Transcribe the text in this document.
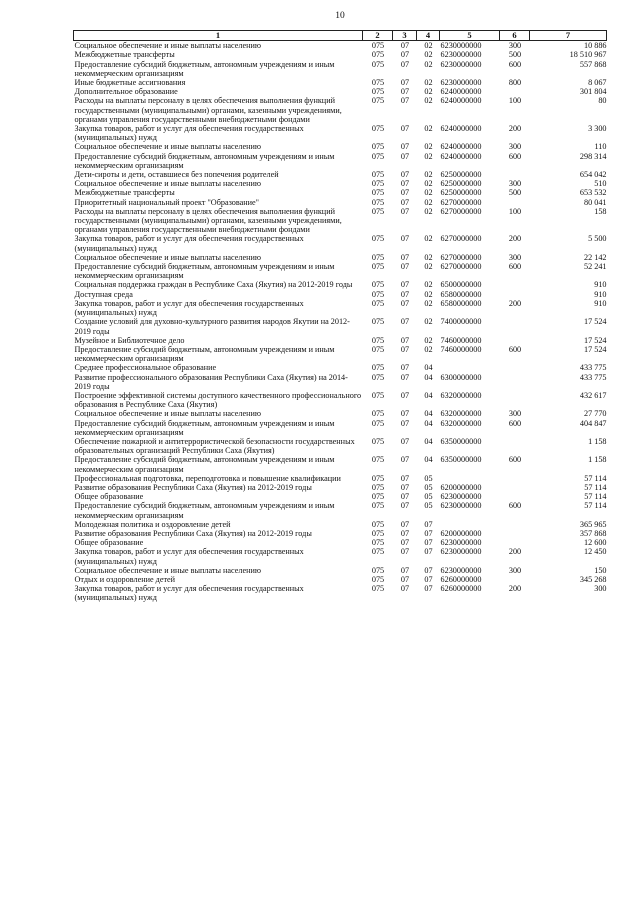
10
1	2	3	4	5	6	7
Социальное обеспечение и иные выплаты населению	075	07	02	6230000000	300	10 886
Межбюджетные трансферты	075	07	02	6230000000	500	18 510 967
Предоставление субсидий бюджетным, автономным учреждениям и иным некоммерческим организациям	075	07	02	6230000000	600	557 868
Иные бюджетные ассигнования	075	07	02	6230000000	800	8 067
Дополнительное образование	075	07	02	6240000000		301 804
Расходы на выплаты персоналу в целях обеспечения выполнения функций государственными (муниципальными) органами, казенными учреждениями, органами управления государственными внебюджетными фондами	075	07	02	6240000000	100	80
Закупка товаров, работ и услуг для обеспечения государственных (муниципальных) нужд	075	07	02	6240000000	200	3 300
Социальное обеспечение и иные выплаты населению	075	07	02	6240000000	300	110
Предоставление субсидий бюджетным, автономным учреждениям и иным некоммерческим организациям	075	07	02	6240000000	600	298 314
Дети-сироты и дети, оставшиеся без попечения родителей	075	07	02	6250000000		654 042
Социальное обеспечение и иные выплаты населению	075	07	02	6250000000	300	510
Межбюджетные трансферты	075	07	02	6250000000	500	653 532
Приоритетный национальный проект "Образование"	075	07	02	6270000000		80 041
Расходы на выплаты персоналу в целях обеспечения выполнения функций государственными (муниципальными) органами, казенными учреждениями, органами управления государственными внебюджетными фондами	075	07	02	6270000000	100	158
Закупка товаров, работ и услуг для обеспечения государственных (муниципальных) нужд	075	07	02	6270000000	200	5 500
Социальное обеспечение и иные выплаты населению	075	07	02	6270000000	300	22 142
Предоставление субсидий бюджетным, автономным учреждениям и иным некоммерческим организациям	075	07	02	6270000000	600	52 241
Социальная поддержка граждан в Республике Саха (Якутия) на 2012-2019 годы	075	07	02	6500000000		910
Доступная среда	075	07	02	6580000000		910
Закупка товаров, работ и услуг для обеспечения государственных (муниципальных) нужд	075	07	02	6580000000	200	910
Создание условий для духовно-культурного развития народов Якутии на 2012-2019 годы	075	07	02	7400000000		17 524
Музейное и Библиотечное дело	075	07	02	7460000000		17 524
Предоставление субсидий бюджетным, автономным учреждениям и иным некоммерческим организациям	075	07	02	7460000000	600	17 524
Среднее профессиональное образование	075	07	04			433 775
Развитие профессионального образования Республики Саха (Якутия) на 2014-2019 годы	075	07	04	6300000000		433 775
Построение эффективной системы доступного качественного профессионального образования в Республике Саха (Якутия)	075	07	04	6320000000		432 617
Социальное обеспечение и иные выплаты населению	075	07	04	6320000000	300	27 770
Предоставление субсидий бюджетным, автономным учреждениям и иным некоммерческим организациям	075	07	04	6320000000	600	404 847
Обеспечение пожарной и антитеррористической безопасности государственных образовательных организаций Республики Саха (Якутия)	075	07	04	6350000000		1 158
Предоставление субсидий бюджетным, автономным учреждениям и иным некоммерческим организациям	075	07	04	6350000000	600	1 158
Профессиональная подготовка, переподготовка и повышение квалификации	075	07	05			57 114
Развитие образования Республики Саха (Якутия) на 2012-2019 годы	075	07	05	6200000000		57 114
Общее образование	075	07	05	6230000000		57 114
Предоставление субсидий бюджетным, автономным учреждениям и иным некоммерческим организациям	075	07	05	6230000000	600	57 114
Молодежная политика и оздоровление детей	075	07	07			365 965
Развитие образования Республики Саха (Якутия) на 2012-2019 годы	075	07	07	6200000000		357 868
Общее образование	075	07	07	6230000000		12 600
Закупка товаров, работ и услуг для обеспечения государственных (муниципальных) нужд	075	07	07	6230000000	200	12 450
Социальное обеспечение и иные выплаты населению	075	07	07	6230000000	300	150
Отдых и оздоровление детей	075	07	07	6260000000		345 268
Закупка товаров, работ и услуг для обеспечения государственных (муниципальных) нужд	075	07	07	6260000000	200	300
